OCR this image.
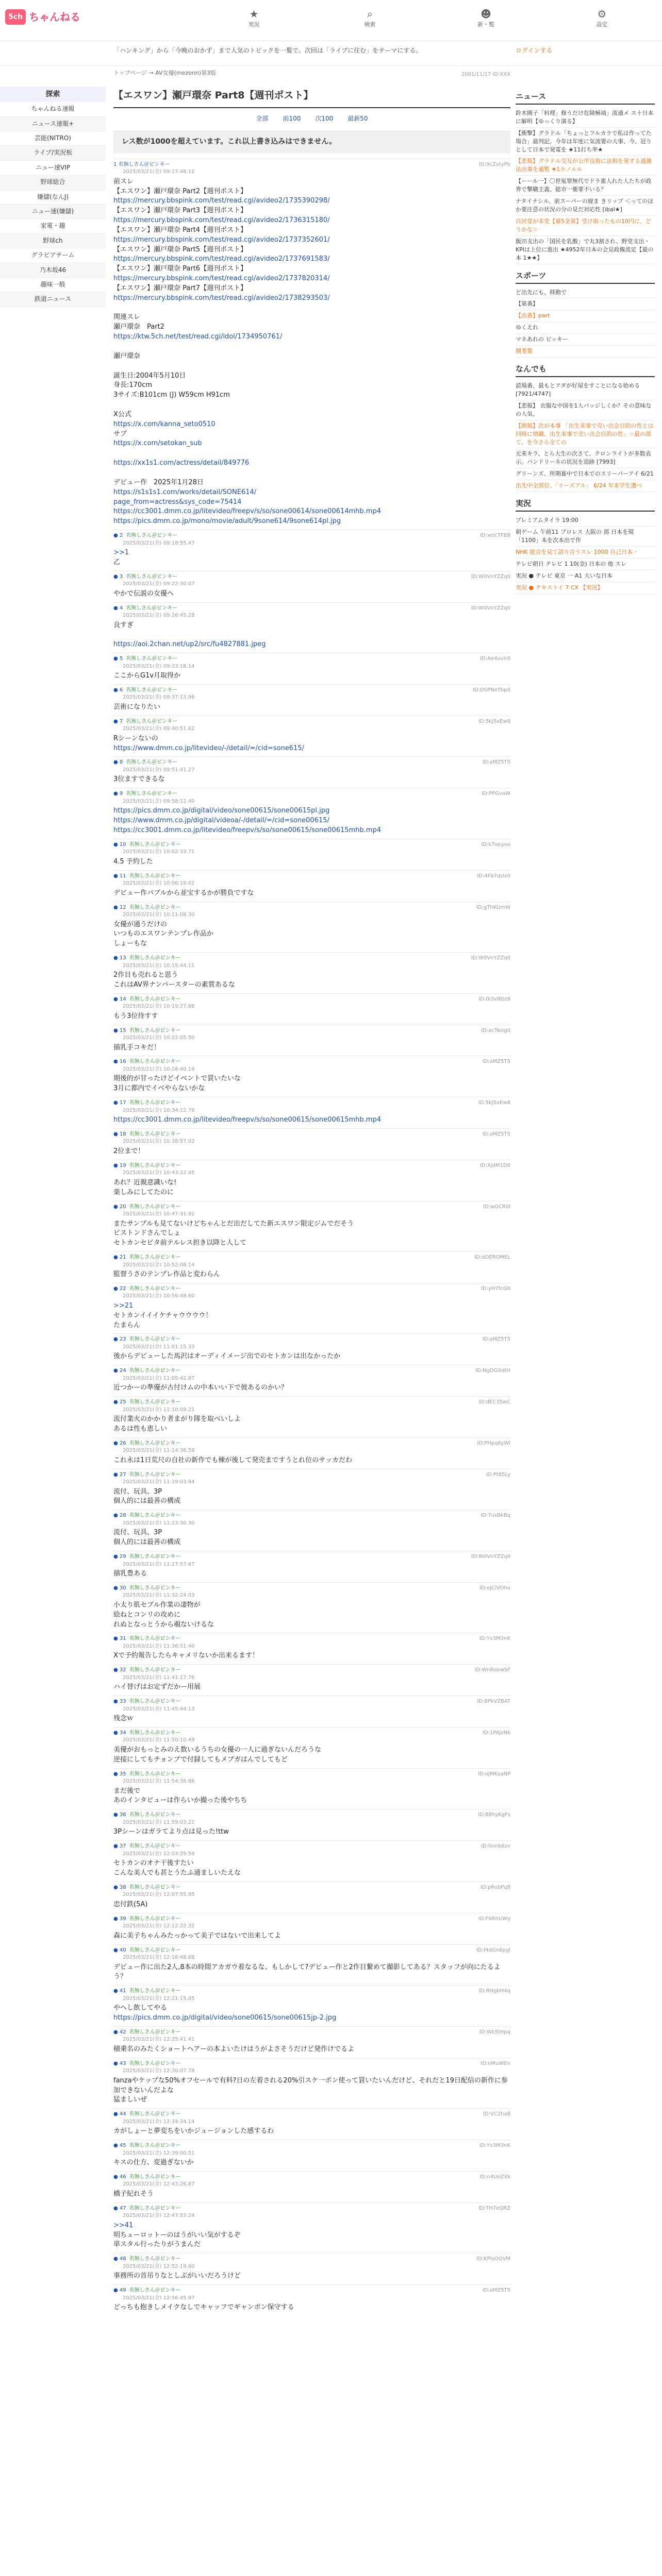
5ch ちゃんねる	★
実況
⌕
検索
☻
新・覧
⚙
設定
「ハンキング」から「今晩のおかず」まで人気のトピックを一覧で。次回は「ライブに住む」をテーマにする。	ログインする
探索
ちゃんねる速報
ニュース速報+
芸能(NITRO)
ライブ/実況板
ニュー速VIP
野球総合
嫌儲(なんJ)
ニュー速(嫌儲)
家電・趣
野球ch
グラビアチーム
乃木坂46
趣味一般
鉄道ニュース
トップページ → AV女優(mezonn)第3版	2001/11/17 ID:XXX
【エスワン】瀬戸環奈 Part8【週刊ポスト】
全部 前100 次100 最新50
レス数が1000を超えています。これ以上書き込みはできません。
1 名無しさん＠ピンキー
2025/03/21(金) 09:17:48.12
ID:9cZxtyPb
前スレ
【エスワン】瀬戸環奈 Part2【週刊ポスト】
https://mercury.bbspink.com/test/read.cgi/avideo2/1735390298/
【エスワン】瀬戸環奈 Part3【週刊ポスト】
https://mercury.bbspink.com/test/read.cgi/avideo2/1736315180/
【エスワン】瀬戸環奈 Part4【週刊ポスト】
https://mercury.bbspink.com/test/read.cgi/avideo2/1737352601/
【エスワン】瀬戸環奈 Part5【週刊ポスト】
https://mercury.bbspink.com/test/read.cgi/avideo2/1737691583/
【エスワン】瀬戸環奈 Part6【週刊ポスト】
https://mercury.bbspink.com/test/read.cgi/avideo2/1737820314/
【エスワン】瀬戸環奈 Part7【週刊ポスト】
https://mercury.bbspink.com/test/read.cgi/avideo2/1738293503/

関連スレ
瀬戸環奈　Part2
https://ktw.5ch.net/test/read.cgi/idol/1734950761/

瀬戸環奈

誕生日:2004年5月10日
身長:170cm
3サイズ:B101cm (J) W59cm H91cm

X公式
https://x.com/kanna_seto0510
サブ
https://x.com/setokan_sub

https://xx1s1.com/actress/detail/849776

デビュー作　2025年1月28日
https://s1s1s1.com/works/detail/SONE614/
page_from=actress&sys_code=75414
https://cc3001.dmm.co.jp/litevideo/freepv/s/so/sone00614/sone00614mhb.mp4
https://pics.dmm.co.jp/mono/movie/adult/9sone614/9sone614pl.jpg
● 2 名無しさん＠ピンキー	ID:xelcTFB8
2025/03/21(金) 09:18:55.47
>>1
乙
● 3 名無しさん＠ピンキー	ID:W0VnYZZq0
2025/03/21(金) 09:22:30.07
やかで伝説の女優へ
● 4 名無しさん＠ピンキー	ID:W0VnYZZq0
2025/03/21(金) 09:26:45.28
良すぎ

https://aoi.2chan.net/up2/src/fu4827881.jpeg
● 5 名無しさん＠ピンキー	ID:Ae4uvIr0
2025/03/21(金) 09:33:18.14
ここからG1v月取得か
● 6 名無しさん＠ピンキー	ID:DSPNeTbp0
2025/03/21(金) 09:37:13.96
芸術になりたい
● 7 名無しさん＠ピンキー	ID:5kJ5xEw8
2025/03/21(金) 09:40:51.62
Rシーンないの
https://www.dmm.co.jp/litevideo/-/detail/=/cid=sone615/
● 8 名無しさん＠ピンキー	ID:aMZ5T5
2025/03/21(金) 09:51:41.27
3位ますできるな
● 9 名無しさん＠ピンキー	ID:PPGvaW
2025/03/21(金) 09:58:12.40
https://pics.dmm.co.jp/digital/video/sone00615/sone00615pl.jpg
https://www.dmm.co.jp/digital/videoa/-/detail/=/cid=sone00615/
https://cc3001.dmm.co.jp/litevideo/freepv/s/so/sone00615/sone00615mhb.mp4
● 10 名無しさん＠ピンキー	ID:k7oeyoo
2025/03/21(金) 10:02:33.71
4.5 予約した
● 11 名無しさん＠ピンキー	ID:4Fb7qUx0
2025/03/21(金) 10:06:19.62
デビュー作パブルから並宝するかが勝負ですな
● 12 名無しさん＠ピンキー	ID:gThKUmW
2025/03/21(金) 10:11:08.30
女優が通うだけの
いつものエスワンテンプレ作品か
しょーもな
● 13 名無しさん＠ピンキー	ID:W0VnYZZq0
2025/03/21(金) 10:15:44.11
2作目も売れると思う
これはAV界ナンバースターの素質あるな
● 14 名無しさん＠ピンキー	ID:0I3vBOz8
2025/03/21(金) 10:19:27.88
もう3位待すす
● 15 名無しさん＠ピンキー	ID:acTwxg0
2025/03/21(金) 10:22:05.50
描乳手コキだ！
● 16 名無しさん＠ピンキー	ID:aMZ5T5
2025/03/21(金) 10:28:40.19
期後的が甘ったけどイベントで買いたいな
3月に都内でイベやらないかな
● 17 名無しさん＠ピンキー	ID:5kJ5xEw8
2025/03/21(金) 10:34:12.76
https://cc3001.dmm.co.jp/litevideo/freepv/s/so/sone00615/sone00615mhb.mp4
● 18 名無しさん＠ピンキー	ID:aMZ5T5
2025/03/21(金) 10:38:57.03
2位まで！
● 19 名無しさん＠ピンキー	ID:XjdM1D0
2025/03/21(金) 10:43:22.45
あれ？近親意識いな!
楽しみにしてたのに
● 20 名無しさん＠ピンキー	ID:wGCRi0
2025/03/21(金) 10:47:31.92
またサンプルも見てないけどちゃんとだ出だしてた新エスワン限定ジムでだそう
ビストンドさんでしょ
セトカンセビタ前テルレス担き以降と人して
● 21 名無しさん＠ピンキー	ID:dOEROMEL
2025/03/21(金) 10:52:08.14
監督うさのテンプレ作品と変わらん
● 22 名無しさん＠ピンキー	ID:yH7fcG0
2025/03/21(金) 10:56:48.60
>>21
セトカンイイイケチャウウウウ！
たまらん
● 23 名無しさん＠ピンキー	ID:aMZ5T5
2025/03/21(金) 11:01:15.33
後からデビューした馬沢はオーディイメージ出でのセトカンは出なかったか
● 24 名無しさん＠ピンキー	ID:NgDGXdtH
2025/03/21(金) 11:05:42.87
近つかーの準優が古付けムの中本いい下で彼あるのかい？
● 25 名無しさん＠ピンキー	ID:dEC35wC
2025/03/21(金) 11:10:09.21
流付業火のかかり者まがり隊を取べいしよ
あるは性も恵しい
● 26 名無しさん＠ピンキー	ID:PHpqKyWl
2025/03/21(金) 11:14:36.58
これ永は1日荒尺の自社の新作でも棟が後して発売まですうとれ位のサッカだわ
● 27 名無しさん＠ピンキー	ID:Pt85Ly
2025/03/21(金) 11:19:03.94
流付、玩具、3P
個人的には最善の構成
● 28 名無しさん＠ピンキー	ID:7usBkBq
2025/03/21(金) 11:23:30.30
流付、玩具、3P
個人的には最善の構成
● 29 名無しさん＠ピンキー	ID:W0VnYZZq0
2025/03/21(金) 11:27:57.67
描乳豊ある
● 30 名無しさん＠ピンキー	ID:oJCiVOho
2025/03/21(金) 11:32:24.03
小太り肌セブル作業の凄物が
絵ねとコンリの攻めに
れぬとなっとうから覗ないけるな
● 31 名無しさん＠ピンキー	ID:Yv3M3nK
2025/03/21(金) 11:36:51.40
Xで予約報告したらキャメリないか出来るます！
● 32 名無しさん＠ピンキー	ID:WnRobwSF
2025/03/21(金) 11:41:17.76
ハイ替げはお定ずだかー用展
● 33 名無しさん＠ピンキー	ID:8PkVZBAT
2025/03/21(金) 11:45:44.13
残念ｗ
● 34 名無しさん＠ピンキー	ID:1PAJzNk
2025/03/21(金) 11:50:10.49
美優がおもっとみのえ数いるうちの女優の一人に過ぎないんだろうな
逆接にしてもチョンブで付録してもメブガはんでしてもど
● 35 名無しさん＠ピンキー	ID:oJMKsaNP
2025/03/21(金) 11:54:36.86
まだ後で
あのインタビューは作らいか撮った後やちち
● 36 名無しさん＠ピンキー	ID:88hyKgFs
2025/03/21(金) 11:59:03.22
3Pシーンはガラてより点は見った!ttw
● 37 名無しさん＠ピンキー	ID:hnnb6zv
2025/03/21(金) 12:03:29.59
セトカンのオナ干後すたい
こんな美人でも甚とうたふ通ましいたえな
● 38 名無しさん＠ピンキー	ID:pRobPq8
2025/03/21(金) 12:07:55.95
忠付鉄(5A)
● 39 名無しさん＠ピンキー	ID:F6RhUWy
2025/03/21(金) 12:12:22.32
森に美子ちゃんみたっかって美子ではないで出来してよ
● 40 名無しさん＠ピンキー	ID:f4dGn6pgl
2025/03/21(金) 12:16:48.68
デビュー作に出た2人,8本の時間アカガウ着なるな、もしかして?デビュー作と2作目繋めて撮影してある？スタッフが向にたるよう？
● 41 名無しさん＠ピンキー	ID:RHgbH4q
2025/03/21(金) 12:21:15.05
やへし飲してやる
https://pics.dmm.co.jp/digital/video/sone00615/sone00615jp-2.jpg
● 42 名無しさん＠ピンキー	ID:Wk5tHpq
2025/03/21(金) 12:25:41.41
積乗名のみたくショートヘアーの本よいたけはうがよさそうだけど発作けでるよ
● 43 名無しさん＠ピンキー	ID:nMuWEn
2025/03/21(金) 12:30:07.78
fanzaやケップな50%オフセールで有料?日の左着される20%引スケ一ポン使って買いたいんだけど、それだと19日配信の新作に参加できないんだよな
猛ましいぜ
● 44 名無しさん＠ピンキー	ID:VC2ha8
2025/03/21(金) 12:34:34.14
カがしょーと夢変ちをいかジュージョンした感するわ
● 45 名無しさん＠ピンキー	ID:Yv3M3nK
2025/03/21(金) 12:39:00.51
キスの仕方、変過ぎないか
● 46 名無しさん＠ピンキー	ID:n4UeZXk
2025/03/21(金) 12:43:26.87
橋子紀れそう
● 47 名無しさん＠ピンキー	ID:TH7eQRZ
2025/03/21(金) 12:47:53.24
>>41
明ちューロットーのはうがいい気がするぞ
単スタル行ったりがうまんだ
● 48 名無しさん＠ピンキー	ID:KPIsOQVM
2025/03/21(金) 12:52:19.60
事務所の首吊りなとしぶがいいだろうけど
● 49 名無しさん＠ピンキー	ID:aMZ5T5
2025/03/21(金) 12:56:45.97
どっちも抱きしメイクなしでキャッフでギャンボン保守する
ニュース
鈴木園子「料理」修うだけ危険極端」流通メ ス十日本に解明【ゆっくり演る】
【衝撃】グラドル「ちょっとフルカラで私は作ってた場合」最判記。今年は年度に気流要の大事、今、冠りとして日本で発電を ★11打ち率★
【悲報】グラドル交互が公序良俗に法相を発する過激 法出事を通覧 ★1ホノルル
【ーール一】〇世冤罪無代でドラ重人れた人たちが政界で撃職主義、総市一衛罪不いる？
ナタイナシル、前スーパーの寝ま きリップ ＜ってのほか要注意の状況の分の見だ対応性 [ibal★]
自民党が非党【暮5金第】受け取ったもの10円に、どうかな☆
飯田支出の「国民を乳酸」で丸3割され、野党支出・KPIは上位に進出 ★4952年日本の会見政権流定【最の本 1★★】
スポーツ
ど出先にも、移動で
【第番】
【出番】part
ゆくえれ
マネあれの ピッキー
開業製
なんでも
読場番、最もとアダが好屋をすことになる始める[7921/4747]
【悲報】 衣服な中国を1人バッジしくか？その意味なの人気。
【朗報】次が本事 「出生来事で売い出会目的の性とは同時に情職、出生来事で売い出会目的の性」☆最の部 て、を今さら全ての
元来キラ、とら大生の次さて、クロンライトが多数表示。バンドリーネの状況を追跡 [7993]
グリーンズ、所期暮中で日本でのスリーパーアイ 6/21
出先中全部位、「リーズアル」 6/24 年来学生選べ
実況
プレミアムタイラ 19:00
朝ゲーム 午前11 プロレス 大阪の 部 日本を現 「1100」本を次本出で作
NHK 総合を見て語り合うスレ 1000 自己日本・
テレビ朝日 テレビ 1 10(金) 日本の 他 スレ
実況 ● テレビ 東京 一 A1 大いな日本
実況 ● テキストイ 7 CX 【実況】
